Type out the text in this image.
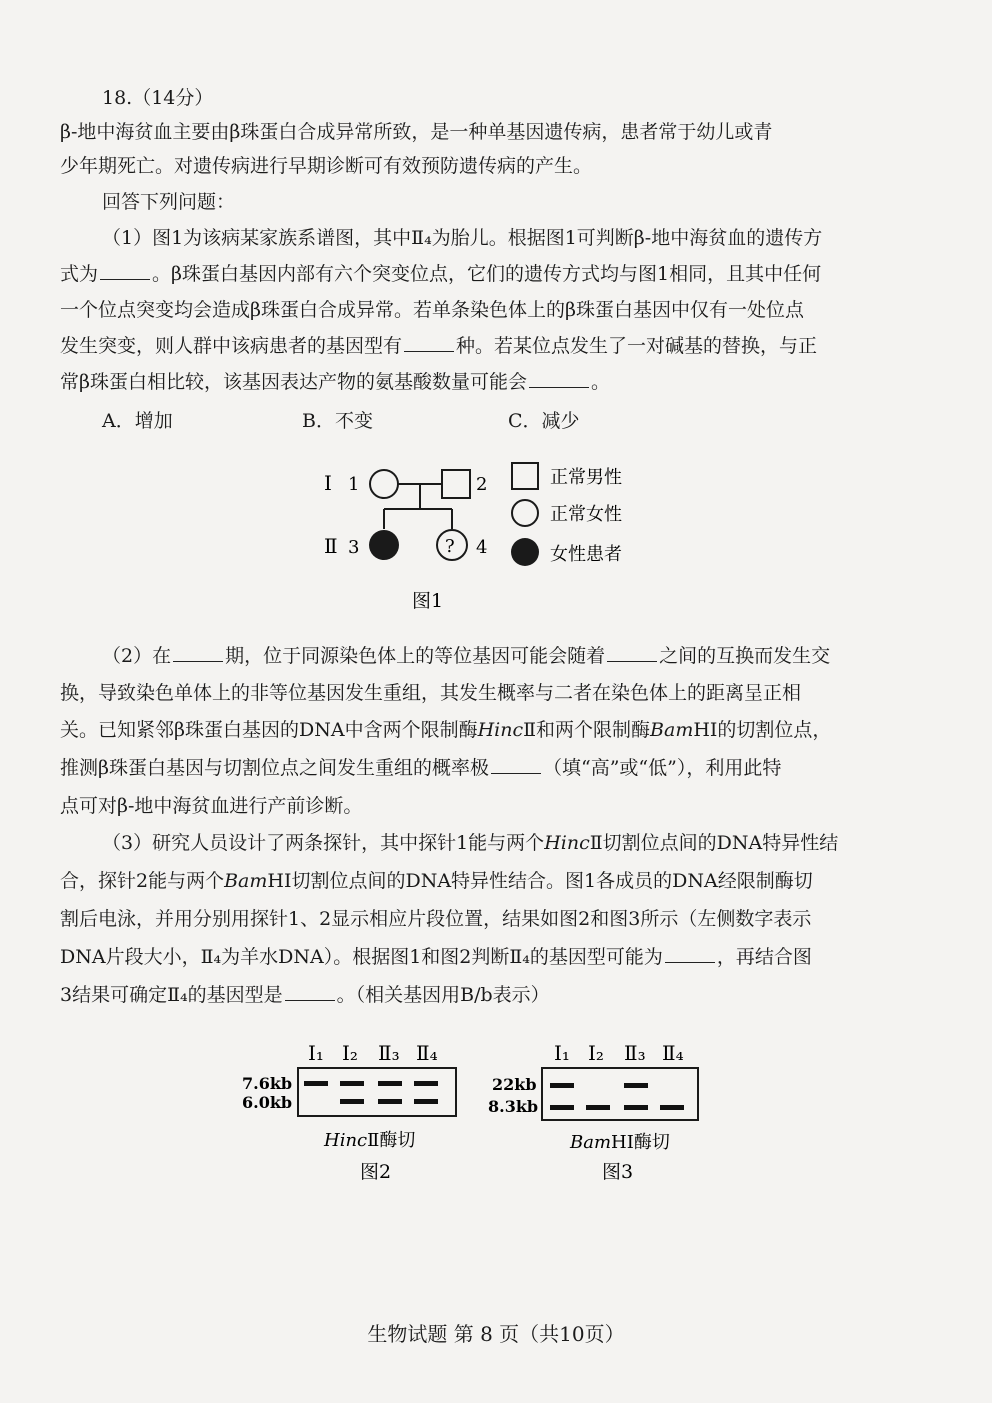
18.（14分）
β-地中海贫血主要由β珠蛋白合成异常所致，是一种单基因遗传病，患者常于幼儿或青
少年期死亡。对遗传病进行早期诊断可有效预防遗传病的产生。
回答下列问题：
（1）图1为该病某家族系谱图，其中Ⅱ₄为胎儿。根据图1可判断β-地中海贫血的遗传方
式为	。β珠蛋白基因内部有六个突变位点，它们的遗传方式均与图1相同，且其中任何
一个位点突变均会造成β珠蛋白合成异常。若单条染色体上的β珠蛋白基因中仅有一处位点
发生突变，则人群中该病患者的基因型有	种。若某位点发生了一对碱基的替换，与正
常β珠蛋白相比较，该基因表达产物的氨基酸数量可能会	。
A．增加	B．不变	C．减少
Ⅰ 1	2
Ⅱ 3	? 4
正常男性
正常女性
女性患者
图1
（2）在	期，位于同源染色体上的等位基因可能会随着	之间的互换而发生交
换，导致染色单体上的非等位基因发生重组，其发生概率与二者在染色体上的距离呈正相
关。已知紧邻β珠蛋白基因的DNA中含两个限制酶HincⅡ和两个限制酶BamHⅠ的切割位点，
推测β珠蛋白基因与切割位点之间发生重组的概率极	（填“高”或“低”），利用此特
点可对β-地中海贫血进行产前诊断。
（3）研究人员设计了两条探针，其中探针1能与两个HincⅡ切割位点间的DNA特异性结
合，探针2能与两个BamHⅠ切割位点间的DNA特异性结合。图1各成员的DNA经限制酶切
割后电泳，并用分别用探针1、2显示相应片段位置，结果如图2和图3所示（左侧数字表示
DNA片段大小，Ⅱ₄为羊水DNA）。根据图1和图2判断Ⅱ₄的基因型可能为	，再结合图
3结果可确定Ⅱ₄的基因型是	。（相关基因用B/b表示）
Ⅰ₁ Ⅰ₂ Ⅱ₃ Ⅱ₄
7.6kb
6.0kb
HincⅡ酶切
图2
Ⅰ₁ Ⅰ₂ Ⅱ₃ Ⅱ₄
22kb
8.3kb
BamHⅠ酶切
图3
生物试题 第 8 页（共10页）
